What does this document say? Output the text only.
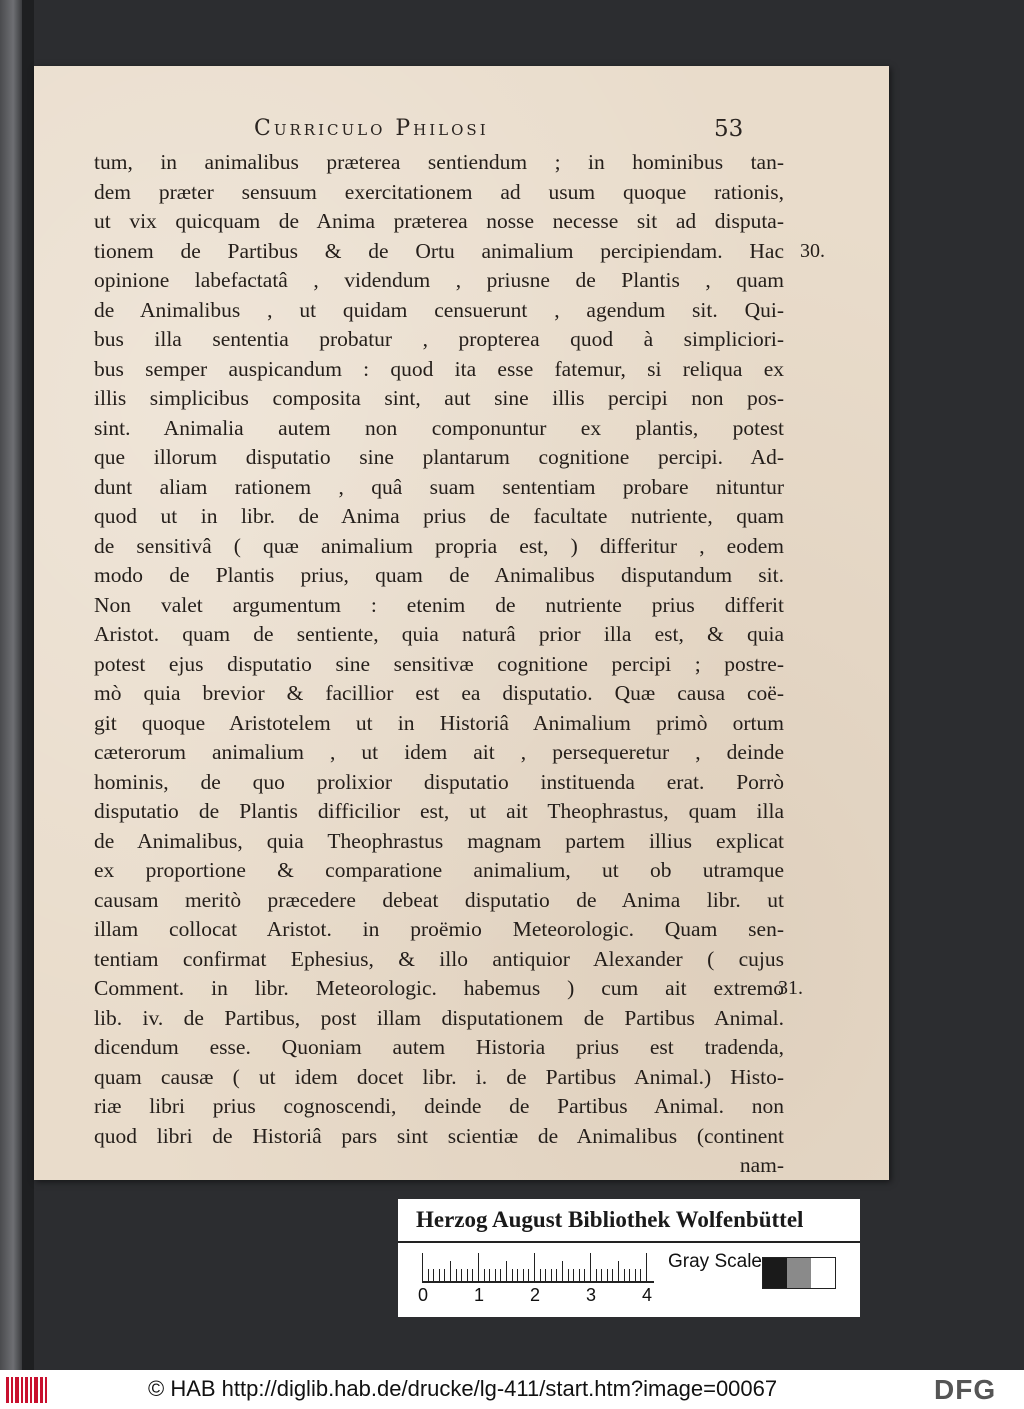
Curriculo Philosi	53
tum, in animalibus præterea sentiendum ; in hominibus tan-
dem præter sensuum exercitationem ad usum quoque rationis,
ut vix quicquam de Anima præterea nosse necesse sit ad disputa-
tionem de Partibus & de Ortu animalium percipiendam. Hac
opinione labefactatâ , videndum , priusne de Plantis , quam
de Animalibus , ut quidam censuerunt , agendum sit. Qui-
bus illa sententia probatur , propterea quod à simpliciori-
bus semper auspicandum : quod ita esse fatemur, si reliqua ex
illis simplicibus composita sint, aut sine illis percipi non pos-
sint. Animalia autem non componuntur ex plantis, potest
que illorum disputatio sine plantarum cognitione percipi. Ad-
dunt aliam rationem , quâ suam sententiam probare nituntur
quod ut in libr. de Anima prius de facultate nutriente, quam
de sensitivâ ( quæ animalium propria est, ) differitur , eodem
modo de Plantis prius, quam de Animalibus disputandum sit.
Non valet argumentum : etenim de nutriente prius differit
Aristot. quam de sentiente, quia naturâ prior illa est, & quia
potest ejus disputatio sine sensitivæ cognitione percipi ; postre-
mò quia brevior & facillior est ea disputatio. Quæ causa coë-
git quoque Aristotelem ut in Historiâ Animalium primò ortum
cæterorum animalium , ut idem ait , persequeretur , deinde
hominis, de quo prolixior disputatio instituenda erat. Porrò
disputatio de Plantis difficilior est, ut ait Theophrastus, quam illa
de Animalibus, quia Theophrastus magnam partem illius explicat
ex proportione & comparatione animalium, ut ob utramque
causam meritò præcedere debeat disputatio de Anima libr. ut
illam collocat Aristot. in proëmio Meteorologic. Quam sen-
tentiam confirmat Ephesius, & illo antiquior Alexander ( cujus
Comment. in libr. Meteorologic. habemus ) cum ait extremo
lib. iv. de Partibus, post illam disputationem de Partibus Animal.
dicendum esse. Quoniam autem Historia prius est tradenda,
quam causæ ( ut idem docet libr. i. de Partibus Animal.) Histo-
riæ libri prius cognoscendi, deinde de Partibus Animal. non
quod libri de Historiâ pars sint scientiæ de Animalibus (continent
nam-
30.
31.
Herzog August Bibliothek Wolfenbüttel
0	1	2	3	4
Gray Scale
© HAB http://diglib.hab.de/drucke/lg-411/start.htm?image=00067	DFG
